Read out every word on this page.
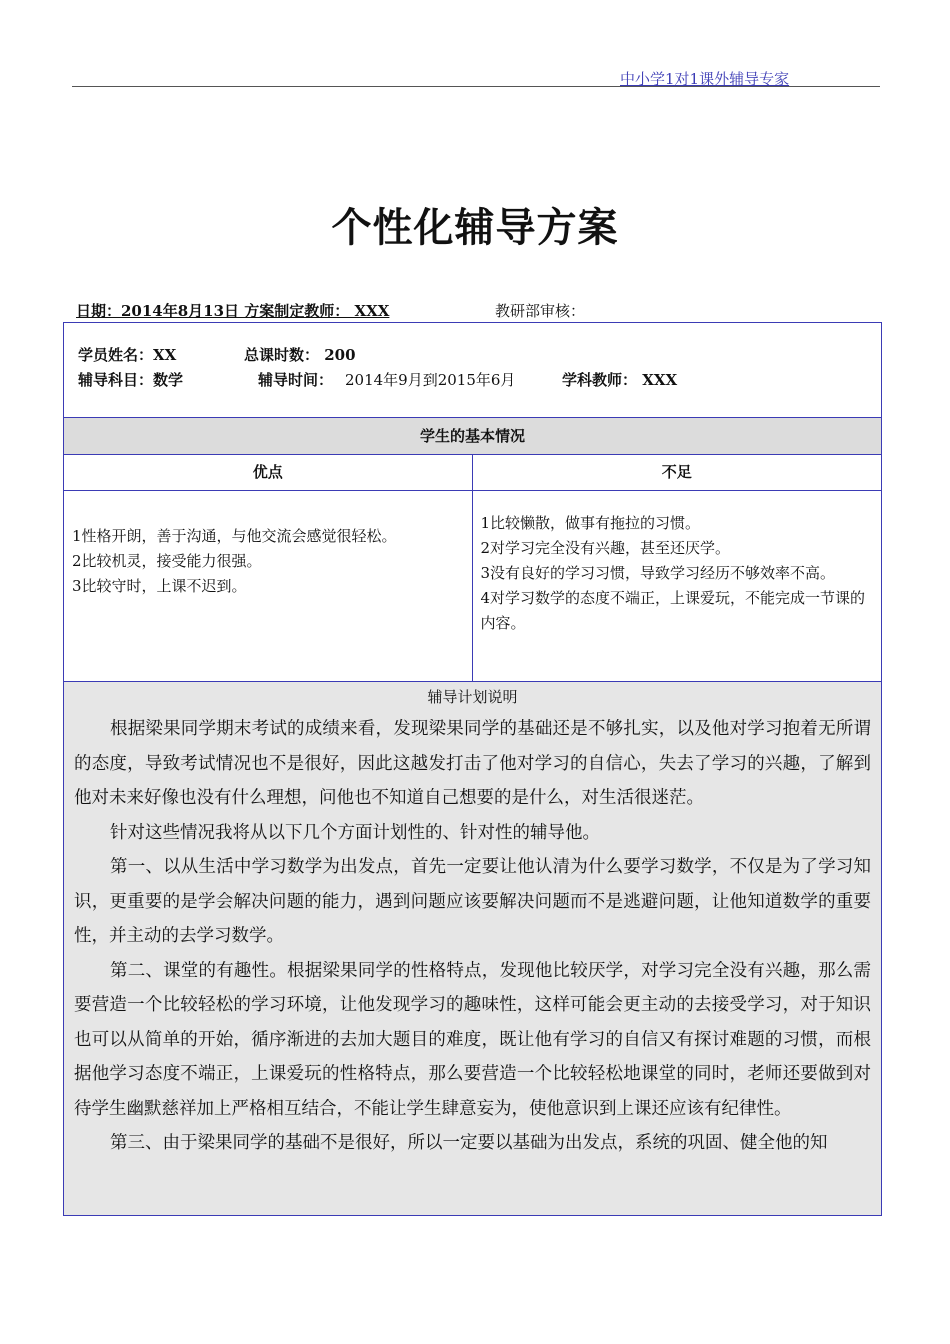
中小学1对1课外辅导专家
个性化辅导方案
日期：2014年8月13日 方案制定教师： XXX	教研部审核：
学员姓名：XX	总课时数： 200
辅导科目：数学	辅导时间： 2014年9月到2015年6月	学科教师： XXX
学生的基本情况
优点	不足
1性格开朗，善于沟通，与他交流会感觉很轻松。
2比较机灵，接受能力很强。
3比较守时，上课不迟到。
1比较懒散，做事有拖拉的习惯。
2对学习完全没有兴趣，甚至还厌学。
3没有良好的学习习惯，导致学习经历不够效率不高。
4对学习数学的态度不端正，上课爱玩，不能完成一节课的内容。
辅导计划说明

根据梁果同学期末考试的成绩来看，发现梁果同学的基础还是不够扎实，以及他对学习抱着无所谓的态度，导致考试情况也不是很好，因此这越发打击了他对学习的自信心，失去了学习的兴趣，了解到他对未来好像也没有什么理想，问他也不知道自己想要的是什么，对生活很迷茫。

针对这些情况我将从以下几个方面计划性的、针对性的辅导他。

第一、以从生活中学习数学为出发点，首先一定要让他认清为什么要学习数学，不仅是为了学习知识，更重要的是学会解决问题的能力，遇到问题应该要解决问题而不是逃避问题，让他知道数学的重要性，并主动的去学习数学。

第二、课堂的有趣性。根据梁果同学的性格特点，发现他比较厌学，对学习完全没有兴趣，那么需要营造一个比较轻松的学习环境，让他发现学习的趣味性，这样可能会更主动的去接受学习，对于知识也可以从简单的开始，循序渐进的去加大题目的难度，既让他有学习的自信又有探讨难题的习惯，而根据他学习态度不端正，上课爱玩的性格特点，那么要营造一个比较轻松地课堂的同时，老师还要做到对待学生幽默慈祥加上严格相互结合，不能让学生肆意妄为，使他意识到上课还应该有纪律性。

第三、由于梁果同学的基础不是很好，所以一定要以基础为出发点，系统的巩固、健全他的知
